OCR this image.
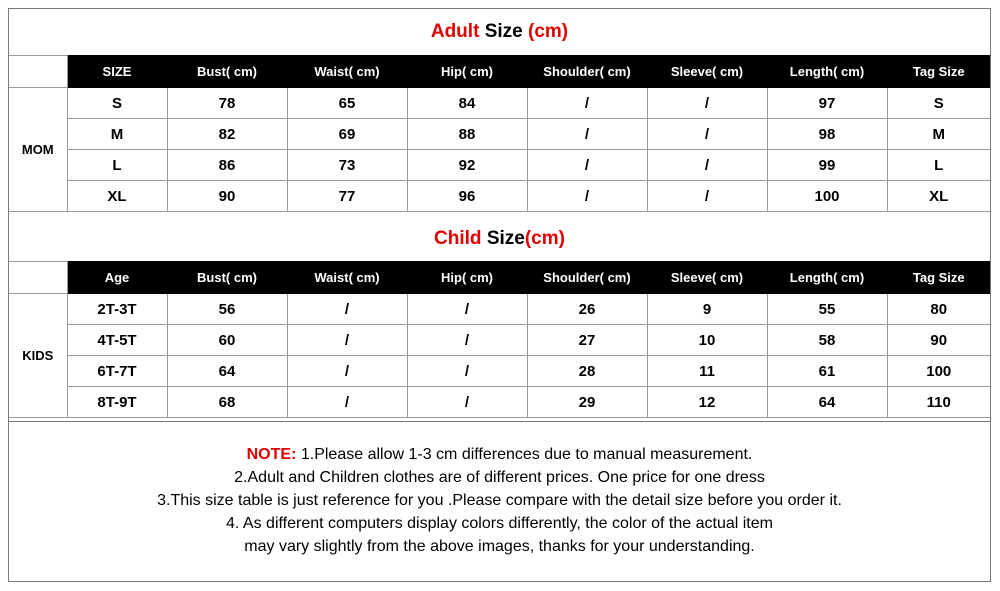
Adult Size (cm)
	SIZE	Bust( cm)	Waist( cm)	Hip( cm)	Shoulder( cm)	Sleeve( cm)	Length( cm)	Tag Size
MOM	S	78	65	84	/	/	97	S
	M	82	69	88	/	/	98	M
	L	86	73	92	/	/	99	L
	XL	90	77	96	/	/	100	XL
Child Size(cm)
	Age	Bust( cm)	Waist( cm)	Hip( cm)	Shoulder( cm)	Sleeve( cm)	Length( cm)	Tag Size
KIDS	2T-3T	56	/	/	26	9	55	80
	4T-5T	60	/	/	27	10	58	90
	6T-7T	64	/	/	28	11	61	100
	8T-9T	68	/	/	29	12	64	110
NOTE: 1.Please allow 1-3 cm differences due to manual measurement.
2.Adult and Children clothes are of different prices. One price for one dress
3.This size table is just reference for you .Please compare with the detail size before you order it.
4. As different computers display colors differently, the color of the actual item
may vary slightly from the above images, thanks for your understanding.
